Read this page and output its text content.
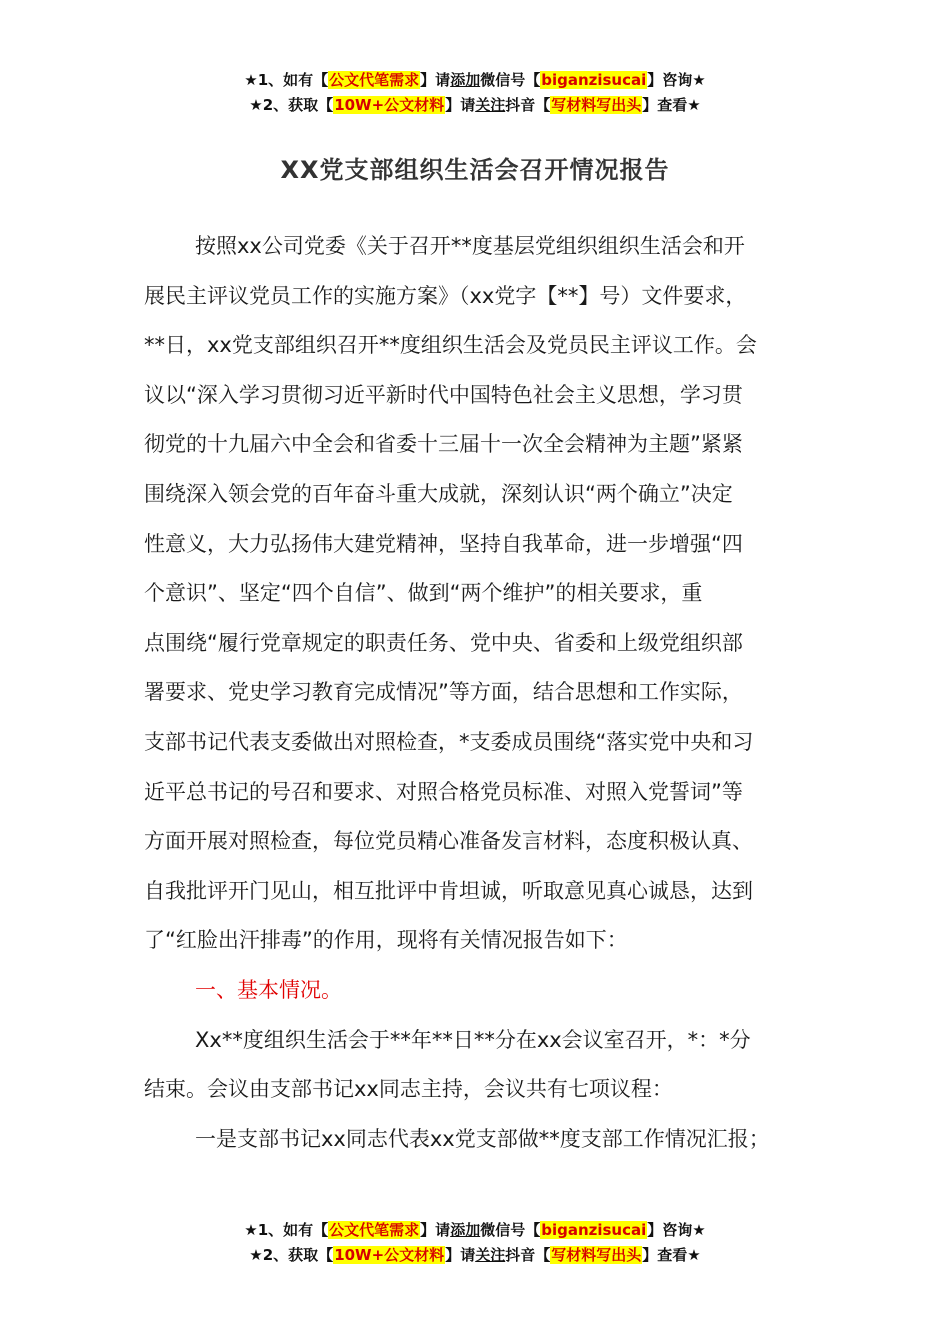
★1、如有【公文代笔需求】请添加微信号【biganzisucai】咨询★
★2、获取【10W+公文材料】请关注抖音【写材料写出头】查看★
XX党支部组织生活会召开情况报告
按照xx公司党委《关于召开**度基层党组织组织生活会和开
展民主评议党员工作的实施方案》（xx党字【**】号）文件要求，
**日，xx党支部组织召开**度组织生活会及党员民主评议工作。会
议以“深入学习贯彻习近平新时代中国特色社会主义思想，学习贯
彻党的十九届六中全会和省委十三届十一次全会精神为主题”紧紧
围绕深入领会党的百年奋斗重大成就，深刻认识“两个确立”决定
性意义，大力弘扬伟大建党精神，坚持自我革命，进一步增强“四
个意识”、坚定“四个自信”、做到“两个维护”的相关要求，重
点围绕“履行党章规定的职责任务、党中央、省委和上级党组织部
署要求、党史学习教育完成情况”等方面，结合思想和工作实际，
支部书记代表支委做出对照检查，*支委成员围绕“落实党中央和习
近平总书记的号召和要求、对照合格党员标准、对照入党誓词”等
方面开展对照检查，每位党员精心准备发言材料，态度积极认真、
自我批评开门见山，相互批评中肯坦诚，听取意见真心诚恳，达到
了“红脸出汗排毒”的作用，现将有关情况报告如下：
一、基本情况。
Xx**度组织生活会于**年**日**分在xx会议室召开，*：*分
结束。会议由支部书记xx同志主持，会议共有七项议程：
一是支部书记xx同志代表xx党支部做**度支部工作情况汇报；
★1、如有【公文代笔需求】请添加微信号【biganzisucai】咨询★
★2、获取【10W+公文材料】请关注抖音【写材料写出头】查看★
